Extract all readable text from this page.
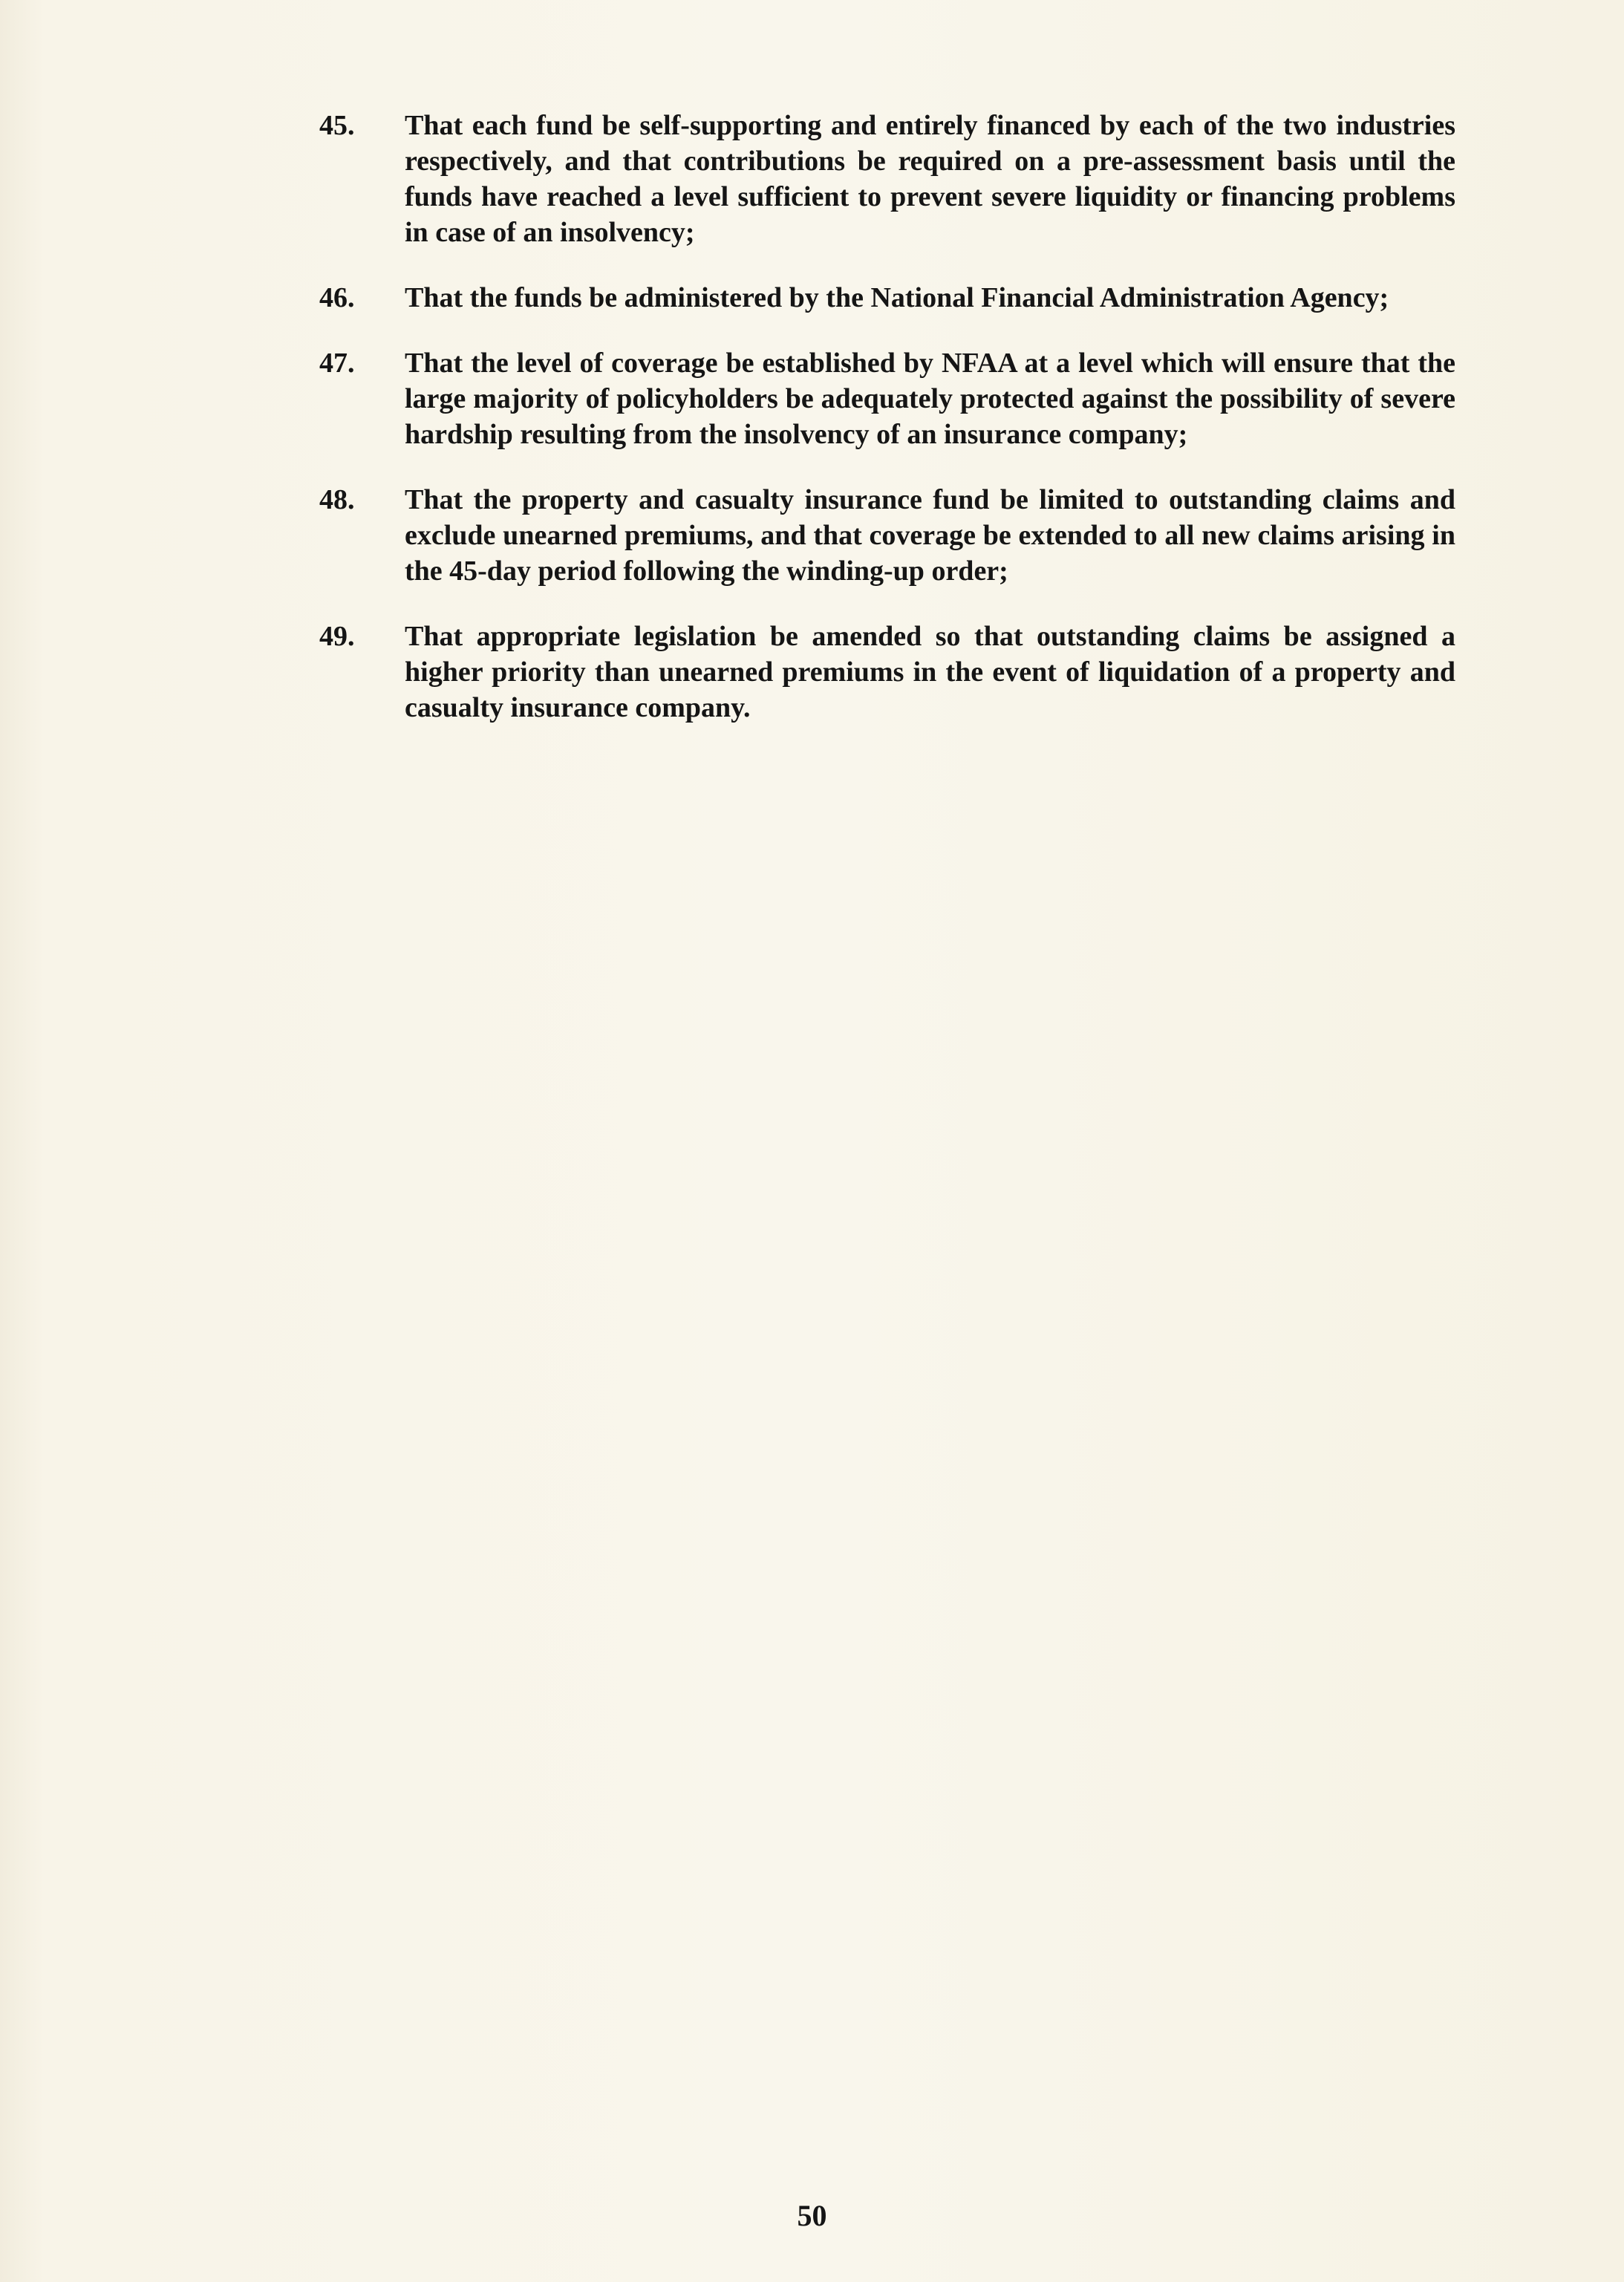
45.	That each fund be self-supporting and entirely financed by each of the two industries respectively, and that contributions be required on a pre-assessment basis until the funds have reached a level sufficient to prevent severe liquidity or financing problems in case of an insolvency;
46.	That the funds be administered by the National Financial Administration Agency;
47.	That the level of coverage be established by NFAA at a level which will ensure that the large majority of policyholders be adequately protected against the possibility of severe hardship resulting from the insolvency of an insurance company;
48.	That the property and casualty insurance fund be limited to outstanding claims and exclude unearned premiums, and that coverage be extended to all new claims arising in the 45-day period following the winding-up order;
49.	That appropriate legislation be amended so that outstanding claims be assigned a higher priority than unearned premiums in the event of liquidation of a property and casualty insurance company.
50
